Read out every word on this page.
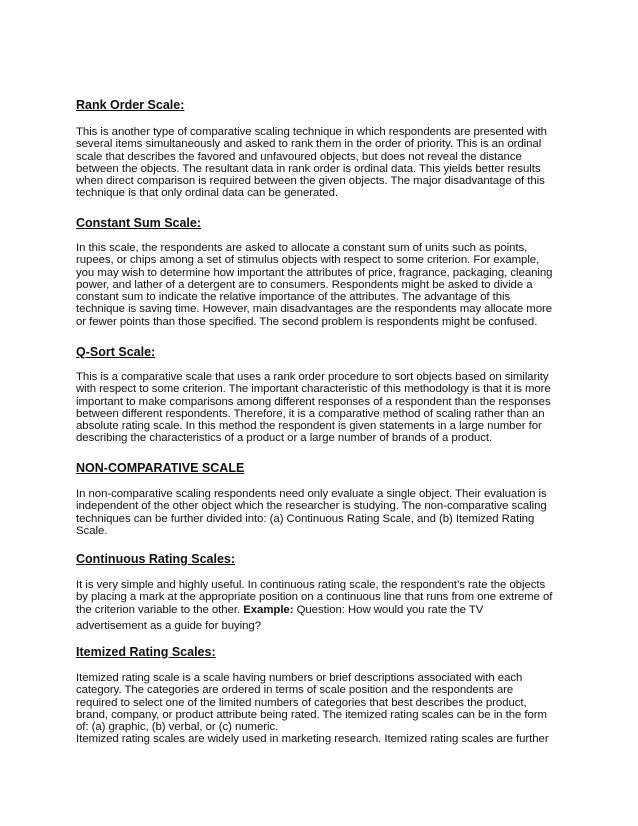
Rank Order Scale:

This is another type of comparative scaling technique in which respondents are presented with
several items simultaneously and asked to rank them in the order of priority. This is an ordinal
scale that describes the favored and unfavoured objects, but does not reveal the distance
between the objects. The resultant data in rank order is ordinal data. This yields better results
when direct comparison is required between the given objects. The major disadvantage of this
technique is that only ordinal data can be generated.

Constant Sum Scale:

In this scale, the respondents are asked to allocate a constant sum of units such as points,
rupees, or chips among a set of stimulus objects with respect to some criterion. For example,
you may wish to determine how important the attributes of price, fragrance, packaging, cleaning
power, and lather of a detergent are to consumers. Respondents might be asked to divide a
constant sum to indicate the relative importance of the attributes. The advantage of this
technique is saving time. However, main disadvantages are the respondents may allocate more
or fewer points than those specified. The second problem is respondents might be confused.

Q-Sort Scale:

This is a comparative scale that uses a rank order procedure to sort objects based on similarity
with respect to some criterion. The important characteristic of this methodology is that it is more
important to make comparisons among different responses of a respondent than the responses
between different respondents. Therefore, it is a comparative method of scaling rather than an
absolute rating scale. In this method the respondent is given statements in a large number for
describing the characteristics of a product or a large number of brands of a product.

NON-COMPARATIVE SCALE

In non-comparative scaling respondents need only evaluate a single object. Their evaluation is
independent of the other object which the researcher is studying. The non-comparative scaling
techniques can be further divided into: (a) Continuous Rating Scale, and (b) Itemized Rating
Scale.

Continuous Rating Scales:

It is very simple and highly useful. In continuous rating scale, the respondent’s rate the objects
by placing a mark at the appropriate position on a continuous line that runs from one extreme of
the criterion variable to the other. Example: Question: How would you rate the TV
advertisement as a guide for buying?

Itemized Rating Scales:

Itemized rating scale is a scale having numbers or brief descriptions associated with each
category. The categories are ordered in terms of scale position and the respondents are
required to select one of the limited numbers of categories that best describes the product,
brand, company, or product attribute being rated. The itemized rating scales can be in the form
of: (a) graphic, (b) verbal, or (c) numeric.
Itemized rating scales are widely used in marketing research. Itemized rating scales are further
